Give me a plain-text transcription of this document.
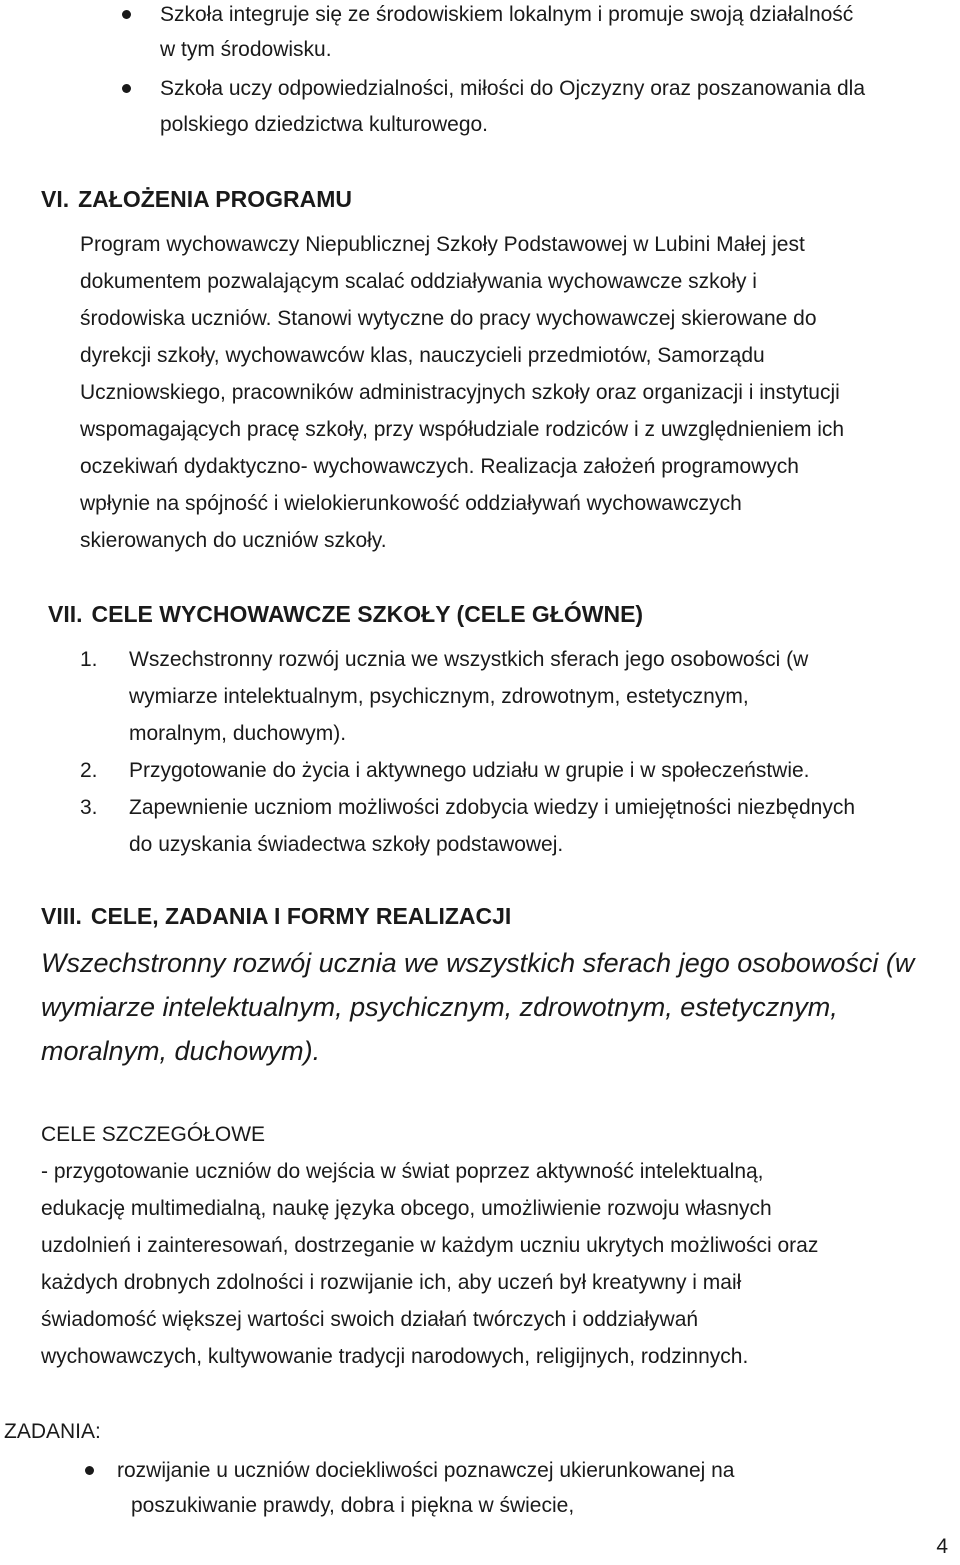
Szkoła integruje się ze środowiskiem lokalnym i promuje swoją działalność
w tym środowisku.
Szkoła uczy odpowiedzialności, miłości do Ojczyzny oraz poszanowania dla
polskiego dziedzictwa kulturowego.
VI. ZAŁOŻENIA PROGRAMU
Program wychowawczy Niepublicznej Szkoły Podstawowej w Lubini Małej jest
dokumentem pozwalającym scalać oddziaływania wychowawcze szkoły i
środowiska uczniów. Stanowi wytyczne do pracy wychowawczej skierowane do
dyrekcji szkoły, wychowawców klas, nauczycieli przedmiotów, Samorządu
Uczniowskiego, pracowników administracyjnych szkoły oraz organizacji i instytucji
wspomagających pracę szkoły, przy współudziale rodziców i z uwzględnieniem ich
oczekiwań dydaktyczno- wychowawczych. Realizacja założeń programowych
wpłynie na spójność i wielokierunkowość oddziaływań wychowawczych
skierowanych do uczniów szkoły.
VII. CELE WYCHOWAWCZE SZKOŁY (CELE GŁÓWNE)
1. Wszechstronny rozwój ucznia we wszystkich sferach jego osobowości (w
wymiarze intelektualnym, psychicznym, zdrowotnym, estetycznym,
moralnym, duchowym).
2. Przygotowanie do życia i aktywnego udziału w grupie i w społeczeństwie.
3. Zapewnienie uczniom możliwości zdobycia wiedzy i umiejętności niezbędnych
do uzyskania świadectwa szkoły podstawowej.
VIII. CELE, ZADANIA I FORMY REALIZACJI
Wszechstronny rozwój ucznia we wszystkich sferach jego osobowości (w
wymiarze intelektualnym, psychicznym, zdrowotnym, estetycznym,
moralnym, duchowym).
CELE SZCZEGÓŁOWE
- przygotowanie uczniów do wejścia w świat poprzez aktywność intelektualną,
edukację multimedialną, naukę języka obcego, umożliwienie rozwoju własnych
uzdolnień i zainteresowań, dostrzeganie w każdym uczniu ukrytych możliwości oraz
każdych drobnych zdolności i rozwijanie ich, aby uczeń był kreatywny i maił
świadomość większej wartości swoich działań twórczych i oddziaływań
wychowawczych, kultywowanie tradycji narodowych, religijnych, rodzinnych.
ZADANIA:
rozwijanie u uczniów dociekliwości poznawczej ukierunkowanej na
poszukiwanie prawdy, dobra i piękna w świecie,
4
